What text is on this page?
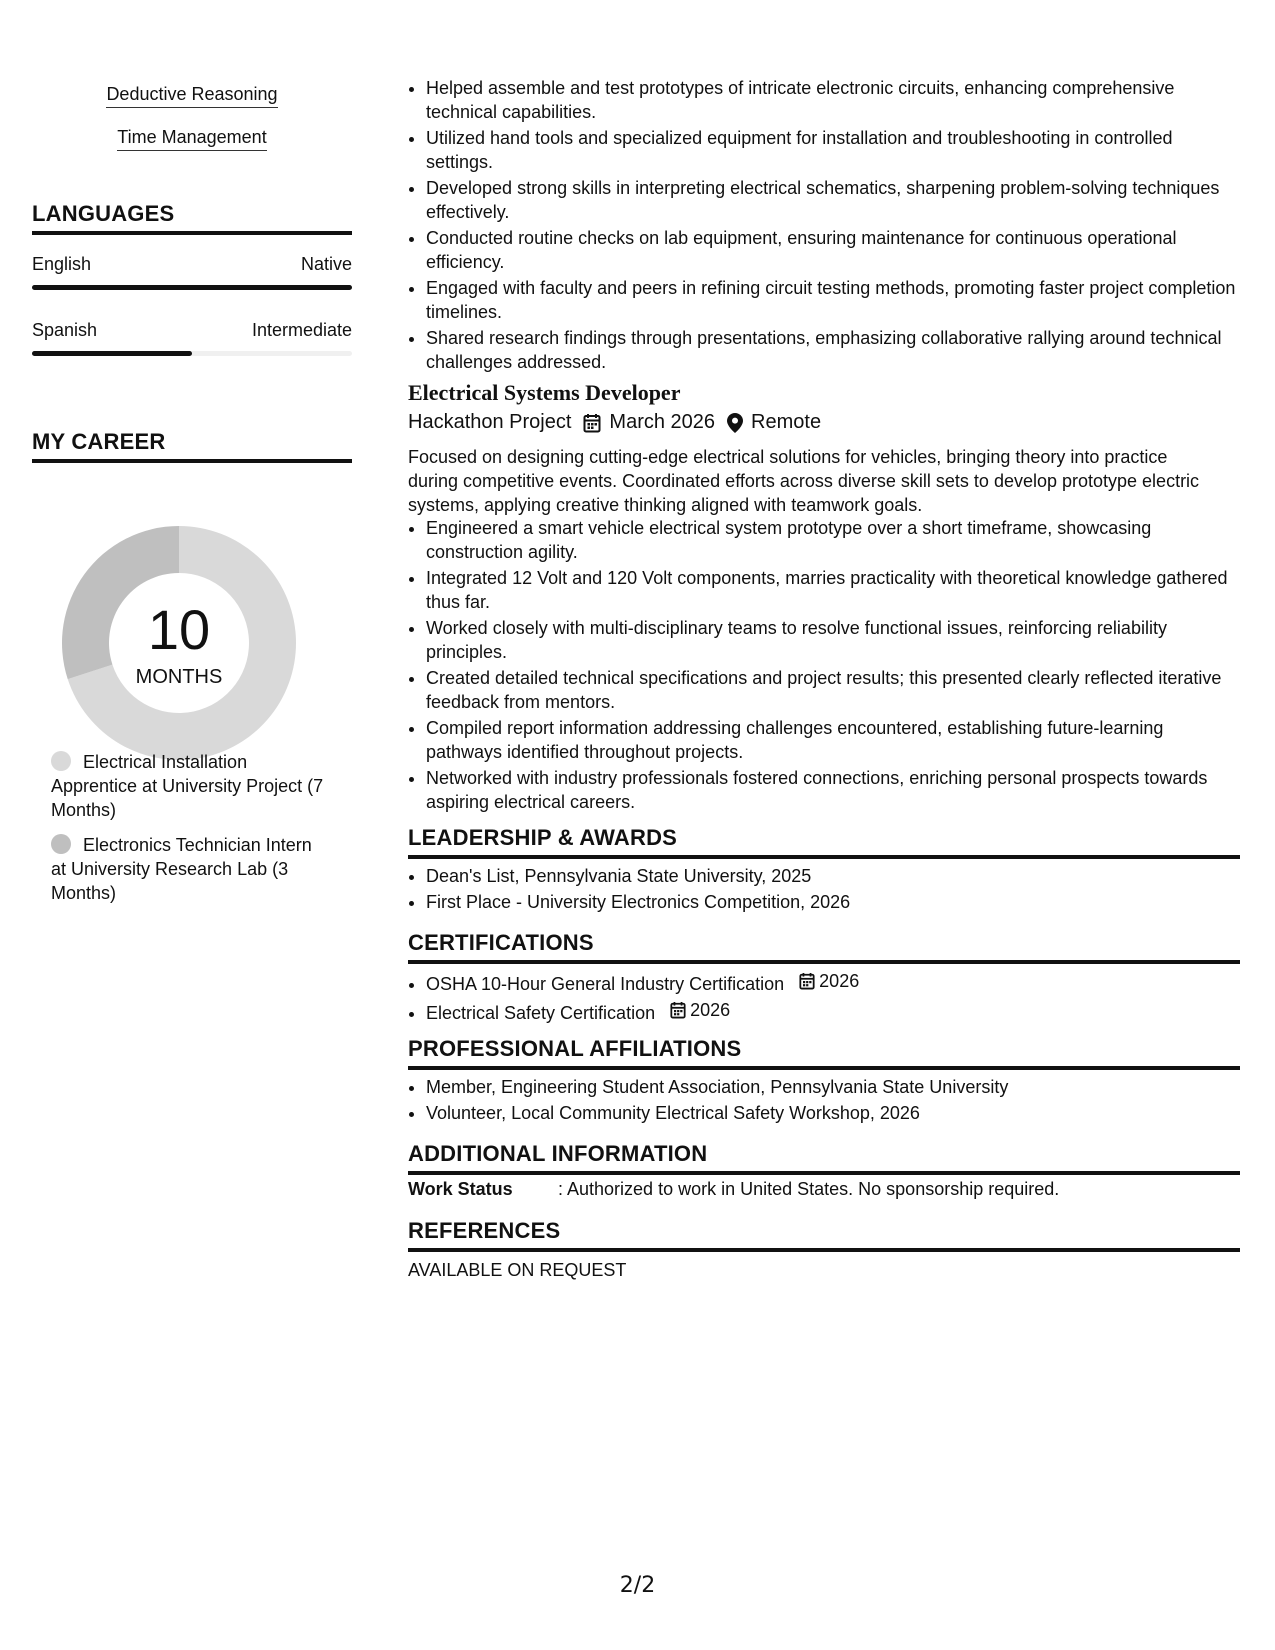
Deductive Reasoning
Time Management
LANGUAGES
English	Native
Spanish	Intermediate
MY CAREER
10
MONTHS
Electrical Installation Apprentice at University Project (7 Months)
Electronics Technician Intern at University Research Lab (3 Months)
• Helped assemble and test prototypes of intricate electronic circuits, enhancing comprehensive technical capabilities.
• Utilized hand tools and specialized equipment for installation and troubleshooting in controlled settings.
• Developed strong skills in interpreting electrical schematics, sharpening problem-solving techniques effectively.
• Conducted routine checks on lab equipment, ensuring maintenance for continuous operational efficiency.
• Engaged with faculty and peers in refining circuit testing methods, promoting faster project completion timelines.
• Shared research findings through presentations, emphasizing collaborative rallying around technical challenges addressed.
Electrical Systems Developer
Hackathon Project March 2026 Remote
Focused on designing cutting-edge electrical solutions for vehicles, bringing theory into practice during competitive events. Coordinated efforts across diverse skill sets to develop prototype electric systems, applying creative thinking aligned with teamwork goals.
• Engineered a smart vehicle electrical system prototype over a short timeframe, showcasing construction agility.
• Integrated 12 Volt and 120 Volt components, marries practicality with theoretical knowledge gathered thus far.
• Worked closely with multi-disciplinary teams to resolve functional issues, reinforcing reliability principles.
• Created detailed technical specifications and project results; this presented clearly reflected iterative feedback from mentors.
• Compiled report information addressing challenges encountered, establishing future-learning pathways identified throughout projects.
• Networked with industry professionals fostered connections, enriching personal prospects towards aspiring electrical careers.
LEADERSHIP & AWARDS
• Dean's List, Pennsylvania State University, 2025
• First Place - University Electronics Competition, 2026
CERTIFICATIONS
• OSHA 10-Hour General Industry Certification 2026
• Electrical Safety Certification 2026
PROFESSIONAL AFFILIATIONS
• Member, Engineering Student Association, Pennsylvania State University
• Volunteer, Local Community Electrical Safety Workshop, 2026
ADDITIONAL INFORMATION
Work Status	: Authorized to work in United States. No sponsorship required.
REFERENCES
AVAILABLE ON REQUEST
2/2
